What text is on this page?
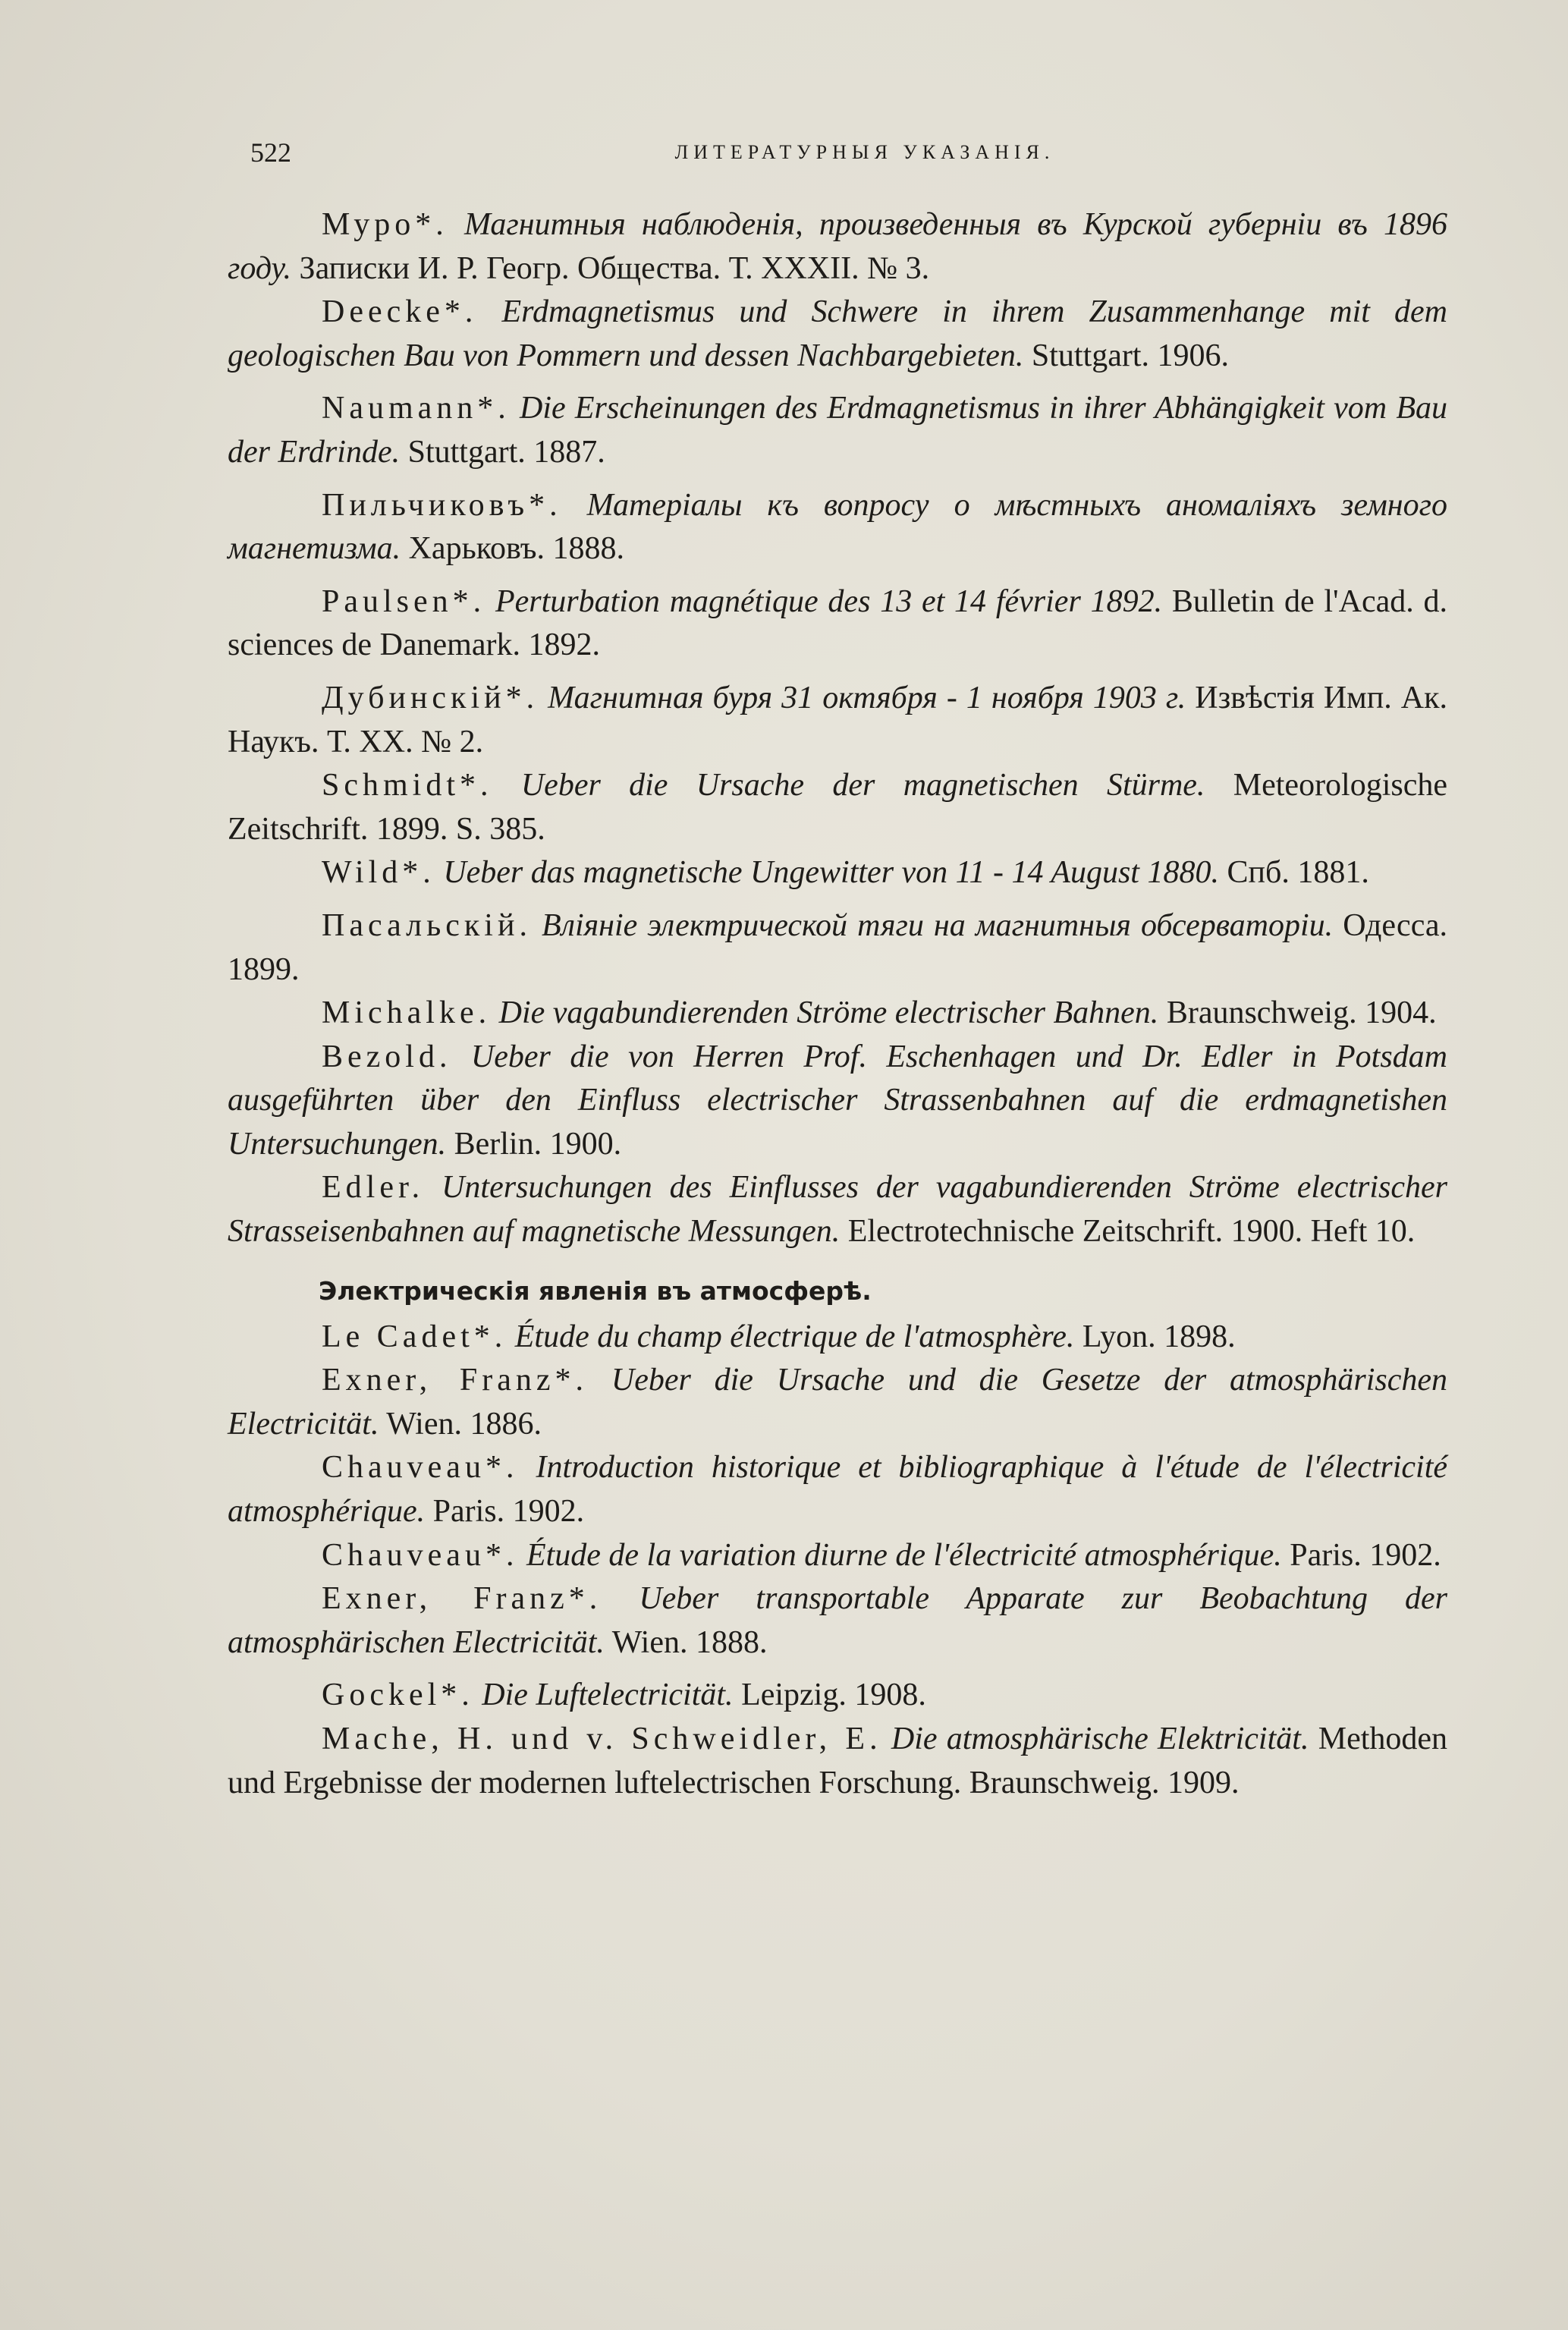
522	ЛИТЕРАТУРНЫЯ УКАЗАНІЯ.

Муро*. Магнитныя наблюденія, произведенныя въ Курской губерніи въ 1896 году. Записки И. Р. Геогр. Общества. Т. XXXII. № 3.

Deecke*. Erdmagnetismus und Schwere in ihrem Zusammenhange mit dem geologischen Bau von Pommern und dessen Nachbargebieten. Stuttgart. 1906.

Naumann*. Die Erscheinungen des Erdmagnetismus in ihrer Abhängigkeit vom Bau der Erdrinde. Stuttgart. 1887.

Пильчиковъ*. Матеріалы къ вопросу о мѣстныхъ аномаліяхъ земного магнетизма. Харьковъ. 1888.

Paulsen*. Perturbation magnétique des 13 et 14 février 1892. Bulletin de l'Acad. d. sciences de Danemark. 1892.

Дубинскій*. Магнитная буря 31 октября - 1 ноября 1903 г. Извѣстія Имп. Ак. Наукъ. Т. XX. № 2.

Schmidt*. Ueber die Ursache der magnetischen Stürme. Meteorologische Zeitschrift. 1899. S. 385.

Wild*. Ueber das magnetische Ungewitter von 11 - 14 August 1880. Спб. 1881.

Пасальскій. Вліяніе электрической тяги на магнитныя обсерваторіи. Одесса. 1899.

Michalke. Die vagabundierenden Ströme electrischer Bahnen. Braunschweig. 1904.

Bezold. Ueber die von Herren Prof. Eschenhagen und Dr. Edler in Potsdam ausgeführten über den Einfluss electrischer Strassenbahnen auf die erdmagnetishen Untersuchungen. Berlin. 1900.

Edler. Untersuchungen des Einflusses der vagabundierenden Ströme electrischer Strasseisenbahnen auf magnetische Messungen. Electrotechnische Zeitschrift. 1900. Heft 10.

Электрическія явленія въ атмосферѣ.

Le Cadet*. Étude du champ électrique de l'atmosphère. Lyon. 1898.

Exner, Franz*. Ueber die Ursache und die Gesetze der atmosphärischen Electricität. Wien. 1886.

Chauveau*. Introduction historique et bibliographique à l'étude de l'électricité atmosphérique. Paris. 1902.

Chauveau*. Étude de la variation diurne de l'électricité atmosphérique. Paris. 1902.

Exner, Franz*. Ueber transportable Apparate zur Beobachtung der atmosphärischen Electricität. Wien. 1888.

Gockel*. Die Luftelectricität. Leipzig. 1908.

Mache, H. und v. Schweidler, E. Die atmosphärische Elektricität. Methoden und Ergebnisse der modernen luftelectrischen Forschung. Braunschweig. 1909.
